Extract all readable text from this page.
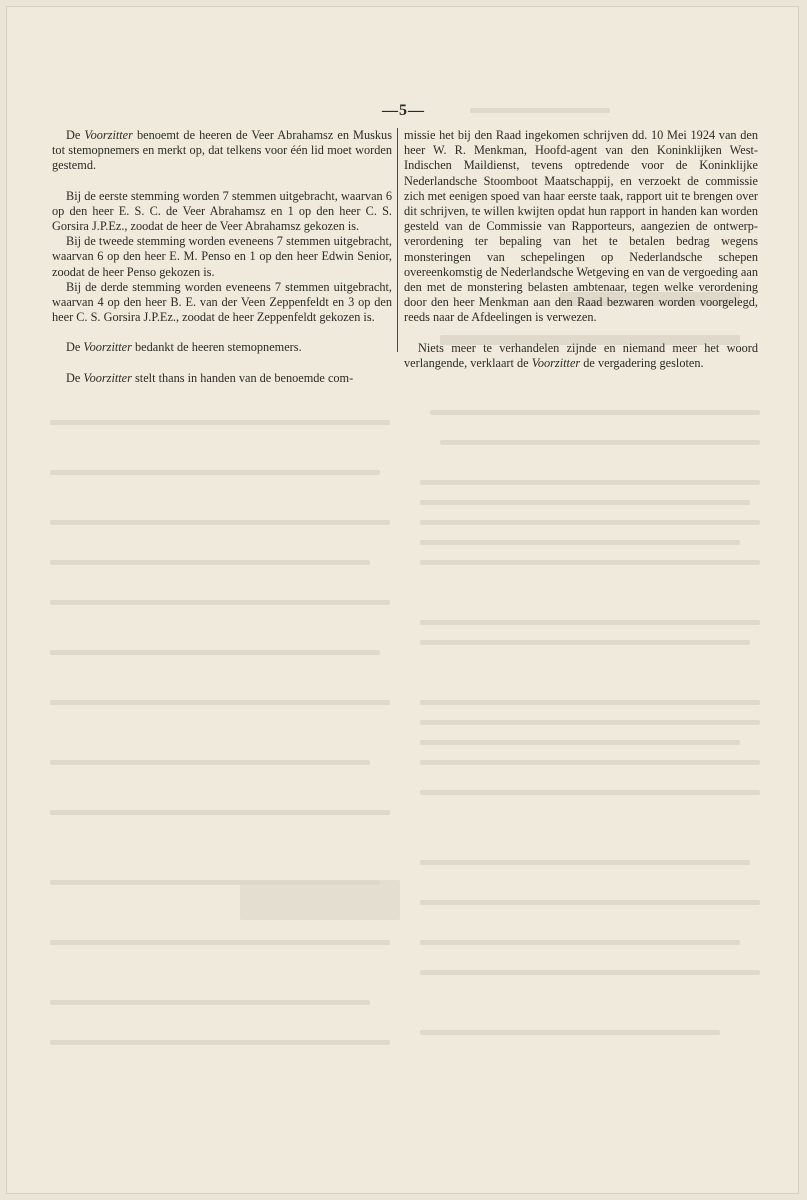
—5—

De Voorzitter benoemt de heeren de Veer Abrahamsz en Muskus tot stemopnemers en merkt op, dat telkens voor één lid moet worden gestemd.

Bij de eerste stemming worden 7 stemmen uitgebracht, waarvan 6 op den heer E. S. C. de Veer Abrahamsz en 1 op den heer C. S. Gorsira J.P.Ez., zoodat de heer de Veer Abrahamsz gekozen is.

Bij de tweede stemming worden eveneens 7 stemmen uitgebracht, waarvan 6 op den heer E. M. Penso en 1 op den heer Edwin Senior, zoodat de heer Penso gekozen is.

Bij de derde stemming worden eveneens 7 stemmen uitgebracht, waarvan 4 op den heer B. E. van der Veen Zeppenfeldt en 3 op den heer C. S. Gorsira J.P.Ez., zoodat de heer Zeppenfeldt gekozen is.

De Voorzitter bedankt de heeren stemopnemers.

De Voorzitter stelt thans in handen van de benoemde com-

missie het bij den Raad ingekomen schrijven dd. 10 Mei 1924 van den heer W. R. Menkman, Hoofd-agent van den Koninklijken West-Indischen Maildienst, tevens optredende voor de Koninklijke Nederlandsche Stoomboot Maatschappij, en verzoekt de commissie zich met eenigen spoed van haar eerste taak, rapport uit te brengen over dit schrijven, te willen kwijten opdat hun rapport in handen kan worden gesteld van de Commissie van Rapporteurs, aangezien de ontwerp-verordening ter bepaling van het te betalen bedrag wegens monsteringen van schepelingen op Nederlandsche schepen overeenkomstig de Nederlandsche Wetgeving en van de vergoeding aan den met de monstering belasten ambtenaar, tegen welke verordening door den heer Menkman aan den Raad bezwaren worden voorgelegd, reeds naar de Afdeelingen is verwezen.

Niets meer te verhandelen zijnde en niemand meer het woord verlangende, verklaart de Voorzitter de vergadering gesloten.
